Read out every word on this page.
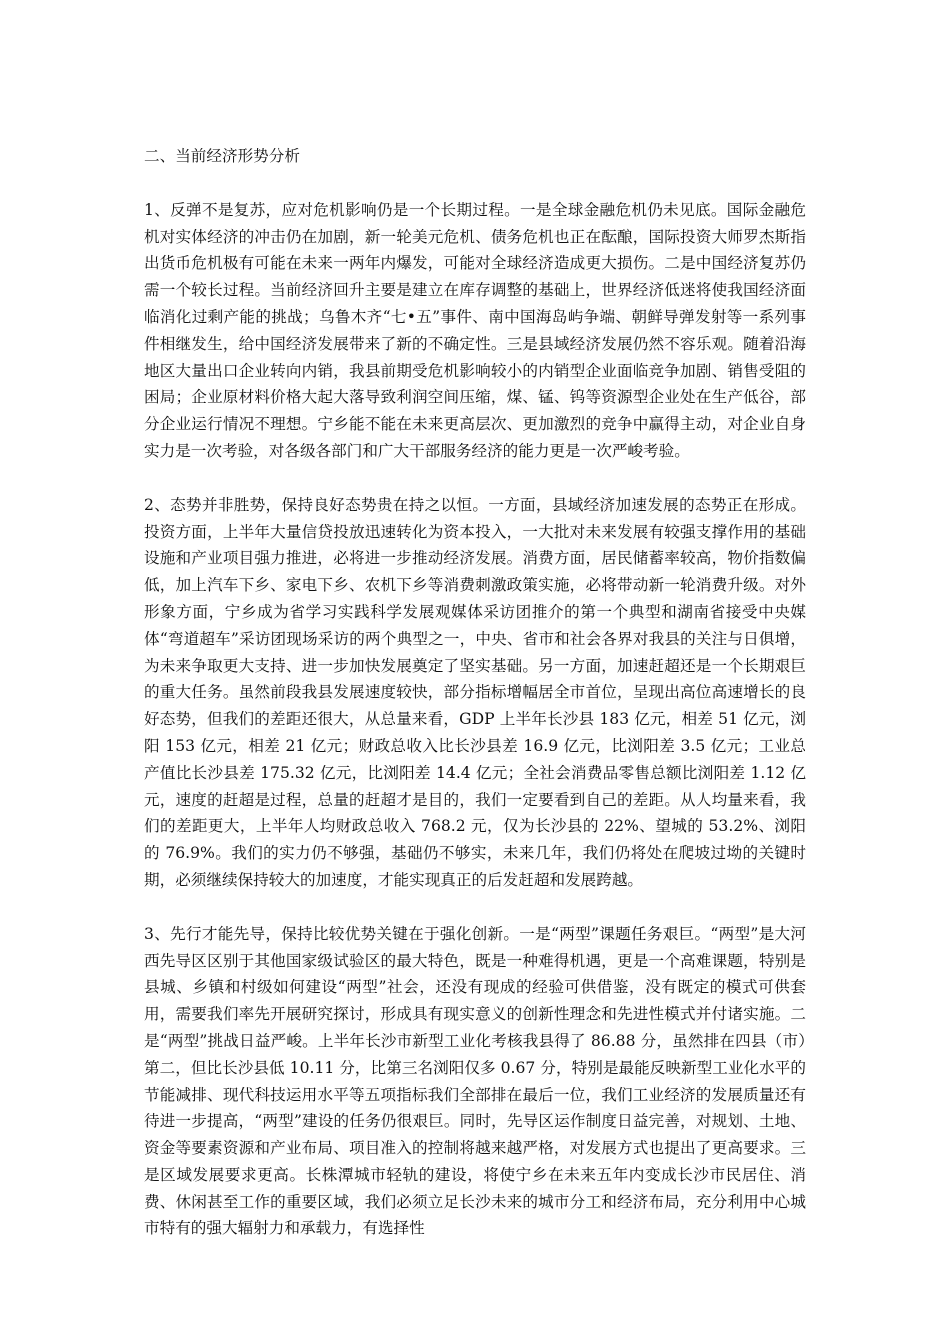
二、当前经济形势分析

1、反弹不是复苏，应对危机影响仍是一个长期过程。一是全球金融危机仍未见底。国际金融危机对实体经济的冲击仍在加剧，新一轮美元危机、债务危机也正在酝酿，国际投资大师罗杰斯指出货币危机极有可能在未来一两年内爆发，可能对全球经济造成更大损伤。二是中国经济复苏仍需一个较长过程。当前经济回升主要是建立在库存调整的基础上，世界经济低迷将使我国经济面临消化过剩产能的挑战；乌鲁木齐“七•五”事件、南中国海岛屿争端、朝鲜导弹发射等一系列事件相继发生，给中国经济发展带来了新的不确定性。三是县域经济发展仍然不容乐观。随着沿海地区大量出口企业转向内销，我县前期受危机影响较小的内销型企业面临竞争加剧、销售受阻的困局；企业原材料价格大起大落导致利润空间压缩，煤、锰、钨等资源型企业处在生产低谷，部分企业运行情况不理想。宁乡能不能在未来更高层次、更加激烈的竞争中赢得主动，对企业自身实力是一次考验，对各级各部门和广大干部服务经济的能力更是一次严峻考验。

2、态势并非胜势，保持良好态势贵在持之以恒。一方面，县域经济加速发展的态势正在形成。投资方面，上半年大量信贷投放迅速转化为资本投入，一大批对未来发展有较强支撑作用的基础设施和产业项目强力推进，必将进一步推动经济发展。消费方面，居民储蓄率较高，物价指数偏低，加上汽车下乡、家电下乡、农机下乡等消费刺激政策实施，必将带动新一轮消费升级。对外形象方面，宁乡成为省学习实践科学发展观媒体采访团推介的第一个典型和湖南省接受中央媒体“弯道超车”采访团现场采访的两个典型之一，中央、省市和社会各界对我县的关注与日俱增，为未来争取更大支持、进一步加快发展奠定了坚实基础。另一方面，加速赶超还是一个长期艰巨的重大任务。虽然前段我县发展速度较快，部分指标增幅居全市首位，呈现出高位高速增长的良好态势，但我们的差距还很大，从总量来看，GDP 上半年长沙县 183 亿元，相差 51 亿元，浏阳 153 亿元，相差 21 亿元；财政总收入比长沙县差 16.9 亿元，比浏阳差 3.5 亿元；工业总产值比长沙县差 175.32 亿元，比浏阳差 14.4 亿元；全社会消费品零售总额比浏阳差 1.12 亿元，速度的赶超是过程，总量的赶超才是目的，我们一定要看到自己的差距。从人均量来看，我们的差距更大，上半年人均财政总收入 768.2 元，仅为长沙县的 22%、望城的 53.2%、浏阳的 76.9%。我们的实力仍不够强，基础仍不够实，未来几年，我们仍将处在爬坡过坳的关键时期，必须继续保持较大的加速度，才能实现真正的后发赶超和发展跨越。

3、先行才能先导，保持比较优势关键在于强化创新。一是“两型”课题任务艰巨。“两型”是大河西先导区区别于其他国家级试验区的最大特色，既是一种难得机遇，更是一个高难课题，特别是县城、乡镇和村级如何建设“两型”社会，还没有现成的经验可供借鉴，没有既定的模式可供套用，需要我们率先开展研究探讨，形成具有现实意义的创新性理念和先进性模式并付诸实施。二是“两型”挑战日益严峻。上半年长沙市新型工业化考核我县得了 86.88 分，虽然排在四县（市）第二，但比长沙县低 10.11 分，比第三名浏阳仅多 0.67 分，特别是最能反映新型工业化水平的节能减排、现代科技运用水平等五项指标我们全部排在最后一位，我们工业经济的发展质量还有待进一步提高，“两型”建设的任务仍很艰巨。同时，先导区运作制度日益完善，对规划、土地、资金等要素资源和产业布局、项目准入的控制将越来越严格，对发展方式也提出了更高要求。三是区域发展要求更高。长株潭城市轻轨的建设，将使宁乡在未来五年内变成长沙市民居住、消费、休闲甚至工作的重要区域，我们必须立足长沙未来的城市分工和经济布局，充分利用中心城市特有的强大辐射力和承载力，有选择性
